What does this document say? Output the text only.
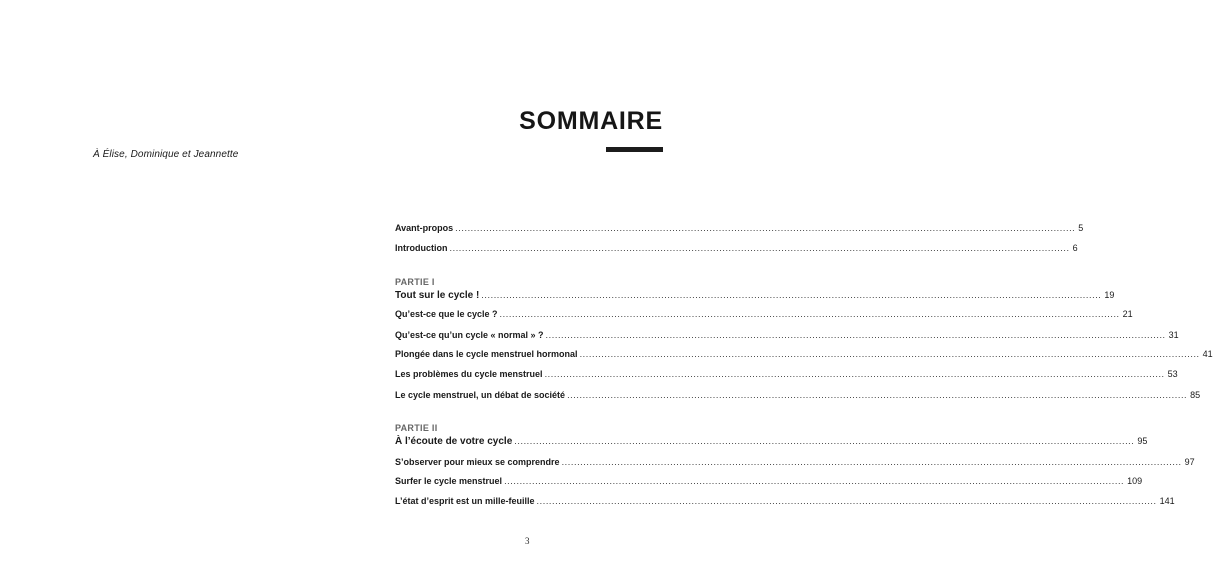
À Élise, Dominique et Jeannette
SOMMAIRE
Avant-propos ........................................................................................................................................................................................................ 5
Introduction ........................................................................................................................................................................................................ 6
PARTIE I
Tout sur le cycle ! ........................................................................................................................................................................................................ 19
Qu’est-ce que le cycle ? ........................................................................................................................................................................................................ 21
Qu’est-ce qu’un cycle « normal » ? ........................................................................................................................................................................................................ 31
Plongée dans le cycle menstruel hormonal ........................................................................................................................................................................................................ 41
Les problèmes du cycle menstruel ........................................................................................................................................................................................................ 53
Le cycle menstruel, un débat de société ........................................................................................................................................................................................................ 85
PARTIE II
À l’écoute de votre cycle ........................................................................................................................................................................................................ 95
S’observer pour mieux se comprendre ........................................................................................................................................................................................................ 97
Surfer le cycle menstruel ........................................................................................................................................................................................................ 109
L’état d’esprit est un mille-feuille ........................................................................................................................................................................................................ 141
3
